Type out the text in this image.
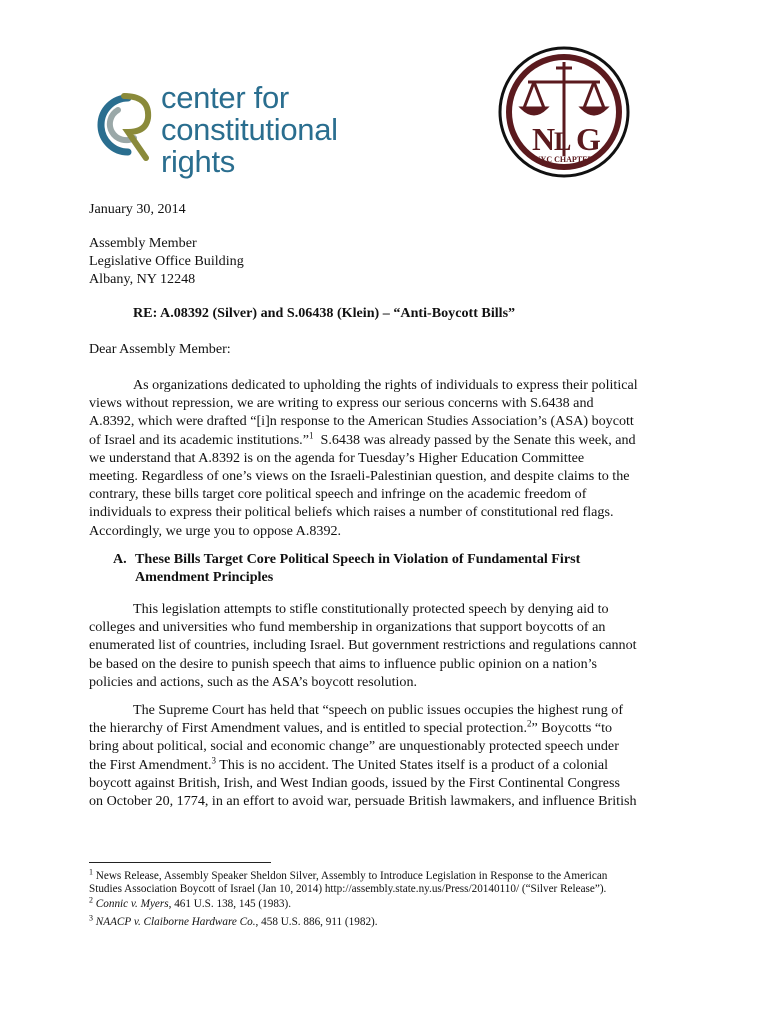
center for
constitutional
rights
N
L G
NYC CHAPTER
January 30, 2014
Assembly Member
Legislative Office Building
Albany, NY 12248
RE: A.08392 (Silver) and S.06438 (Klein) – “Anti-Boycott Bills”
Dear Assembly Member:
As organizations dedicated to upholding the rights of individuals to express their political
views without repression, we are writing to express our serious concerns with S.6438 and
A.8392, which were drafted “[i]n response to the American Studies Association’s (ASA) boycott
of Israel and its academic institutions.”$^1$ S.6438 was already passed by the Senate this week, and
we understand that A.8392 is on the agenda for Tuesday’s Higher Education Committee
meeting. Regardless of one’s views on the Israeli-Palestinian question, and despite claims to the
contrary, these bills target core political speech and infringe on the academic freedom of
individuals to express their political beliefs which raises a number of constitutional red flags.
Accordingly, we urge you to oppose A.8392.
A. These Bills Target Core Political Speech in Violation of Fundamental First
Amendment Principles
This legislation attempts to stifle constitutionally protected speech by denying aid to
colleges and universities who fund membership in organizations that support boycotts of an
enumerated list of countries, including Israel. But government restrictions and regulations cannot
be based on the desire to punish speech that aims to influence public opinion on a nation’s
policies and actions, such as the ASA’s boycott resolution.
The Supreme Court has held that “speech on public issues occupies the highest rung of
the hierarchy of First Amendment values, and is entitled to special protection.$^2$” Boycotts “to
bring about political, social and economic change” are unquestionably protected speech under
the First Amendment.$^3$ This is no accident. The United States itself is a product of a colonial
boycott against British, Irish, and West Indian goods, issued by the First Continental Congress
on October 20, 1774, in an effort to avoid war, persuade British lawmakers, and influence British
$^1$ News Release, Assembly Speaker Sheldon Silver, Assembly to Introduce Legislation in Response to the American
Studies Association Boycott of Israel (Jan 10, 2014) http://assembly.state.ny.us/Press/20140110/ (“Silver Release”).
$^2$ Connic v. Myers, 461 U.S. 138, 145 (1983).
$^3$ NAACP v. Claiborne Hardware Co., 458 U.S. 886, 911 (1982).
